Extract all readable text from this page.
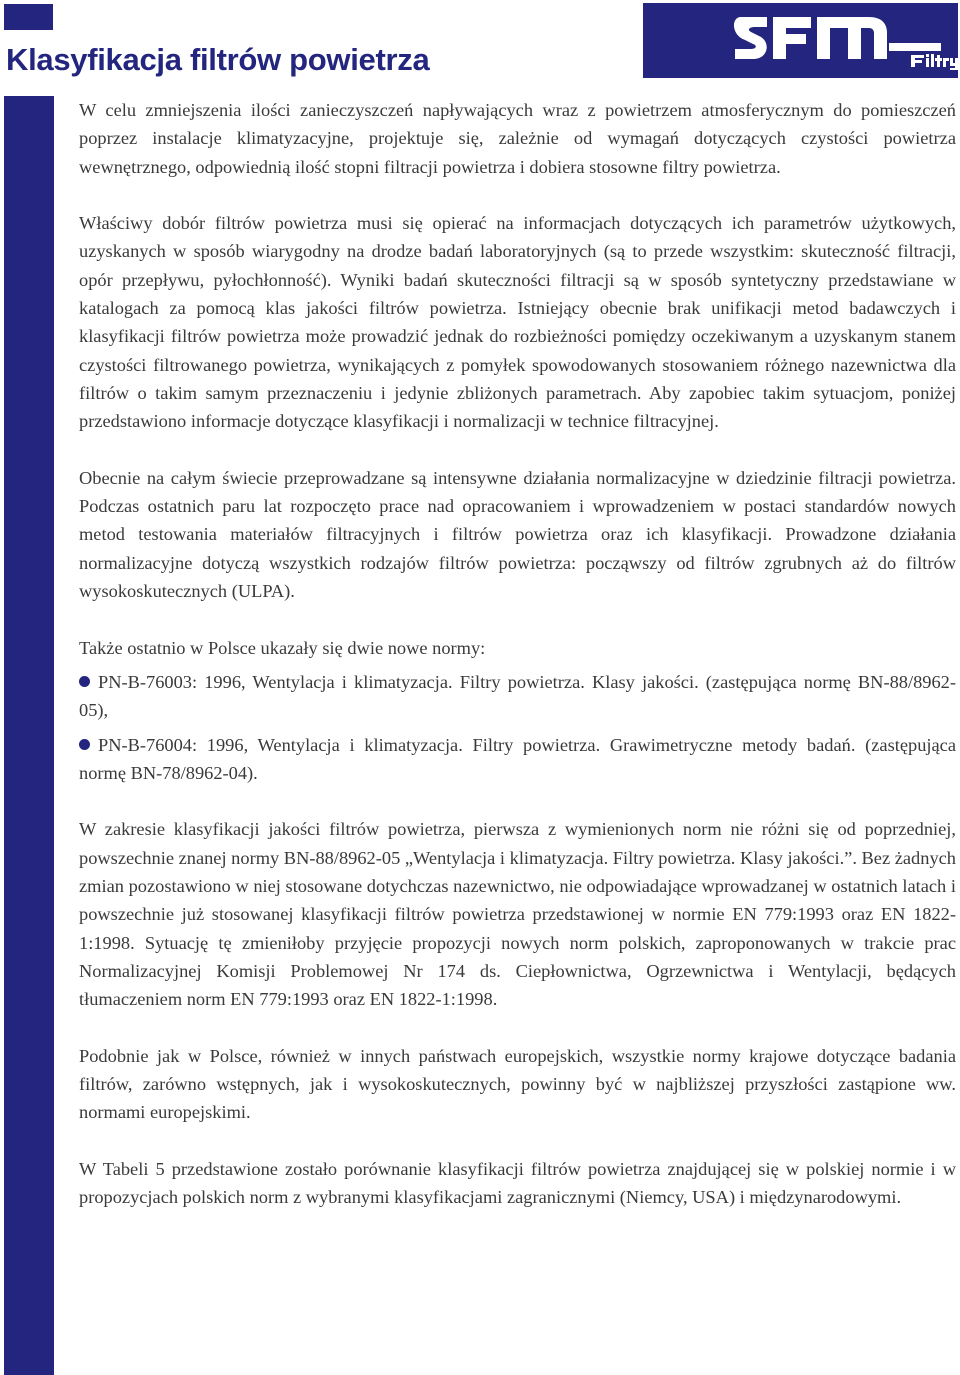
Klasyfikacja filtrów powietrza

W celu zmniejszenia ilości zanieczyszczeń napływających wraz z powietrzem atmosferycznym do pomieszczeń poprzez instalacje klimatyzacyjne, projektuje się, zależnie od wymagań dotyczących czystości powietrza wewnętrznego, odpowiednią ilość stopni filtracji powietrza i dobiera stosowne filtry powietrza.

Właściwy dobór filtrów powietrza musi się opierać na informacjach dotyczących ich parametrów użytkowych, uzyskanych w sposób wiarygodny na drodze badań laboratoryjnych (są to przede wszystkim: skuteczność filtracji, opór przepływu, pyłochłonność). Wyniki badań skuteczności filtracji są w sposób syntetyczny przedstawiane w katalogach za pomocą klas jakości filtrów powietrza. Istniejący obecnie brak unifikacji metod badawczych i klasyfikacji filtrów powietrza może prowadzić jednak do rozbieżności pomiędzy oczekiwanym a uzyskanym stanem czystości filtrowanego powietrza, wynikających z pomyłek spowodowanych stosowaniem różnego nazewnictwa dla filtrów o takim samym przeznaczeniu i jedynie zbliżonych parametrach. Aby zapobiec takim sytuacjom, poniżej przedstawiono informacje dotyczące klasyfikacji i normalizacji w technice filtracyjnej.

Obecnie na całym świecie przeprowadzane są intensywne działania normalizacyjne w dziedzinie filtracji powietrza. Podczas ostatnich paru lat rozpoczęto prace nad opracowaniem i wprowadzeniem w postaci standardów nowych metod testowania materiałów filtracyjnych i filtrów powietrza oraz ich klasyfikacji. Prowadzone działania normalizacyjne dotyczą wszystkich rodzajów filtrów powietrza: począwszy od filtrów zgrubnych aż do filtrów wysokoskutecznych (ULPA).

Także ostatnio w Polsce ukazały się dwie nowe normy:

PN-B-76003: 1996, Wentylacja i klimatyzacja. Filtry powietrza. Klasy jakości. (zastępująca normę BN-88/8962-05),

PN-B-76004: 1996, Wentylacja i klimatyzacja. Filtry powietrza. Grawimetryczne metody badań. (zastępująca normę BN-78/8962-04).

W zakresie klasyfikacji jakości filtrów powietrza, pierwsza z wymienionych norm nie różni się od poprzedniej, powszechnie znanej normy BN-88/8962-05 „Wentylacja i klimatyzacja. Filtry powietrza. Klasy jakości.”. Bez żadnych zmian pozostawiono w niej stosowane dotychczas nazewnictwo, nie odpowiadające wprowadzanej w ostatnich latach i powszechnie już stosowanej klasyfikacji filtrów powietrza przedstawionej w normie EN 779:1993 oraz EN 1822-1:1998. Sytuację tę zmieniłoby przyjęcie propozycji nowych norm polskich, zaproponowanych w trakcie prac Normalizacyjnej Komisji Problemowej Nr 174 ds. Ciepłownictwa, Ogrzewnictwa i Wentylacji, będących tłumaczeniem norm EN 779:1993 oraz EN 1822-1:1998.

Podobnie jak w Polsce, również w innych państwach europejskich, wszystkie normy krajowe dotyczące badania filtrów, zarówno wstępnych, jak i wysokoskutecznych, powinny być w najbliższej przyszłości zastąpione ww. normami europejskimi.

W Tabeli 5 przedstawione zostało porównanie klasyfikacji filtrów powietrza znajdującej się w polskiej normie i w propozycjach polskich norm z wybranymi klasyfikacjami zagranicznymi (Niemcy, USA) i międzynarodowymi.
